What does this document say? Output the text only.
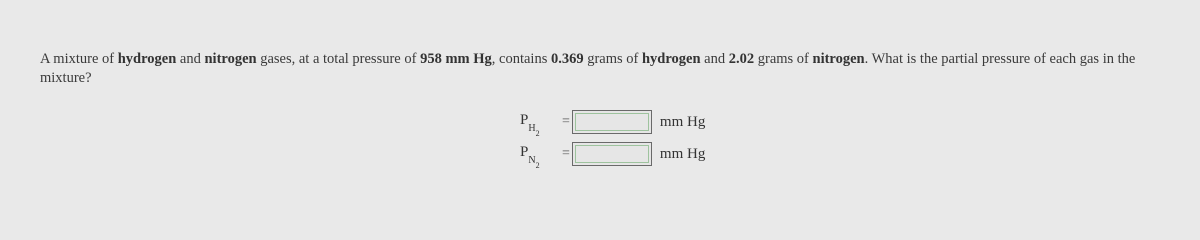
A mixture of hydrogen and nitrogen gases, at a total pressure of 958 mm Hg, contains 0.369 grams of hydrogen and 2.02 grams of nitrogen. What is the partial pressure of each gas in the mixture?
$P_{H_2}$
=	mm Hg
$P_{N_2}$
=	mm Hg
